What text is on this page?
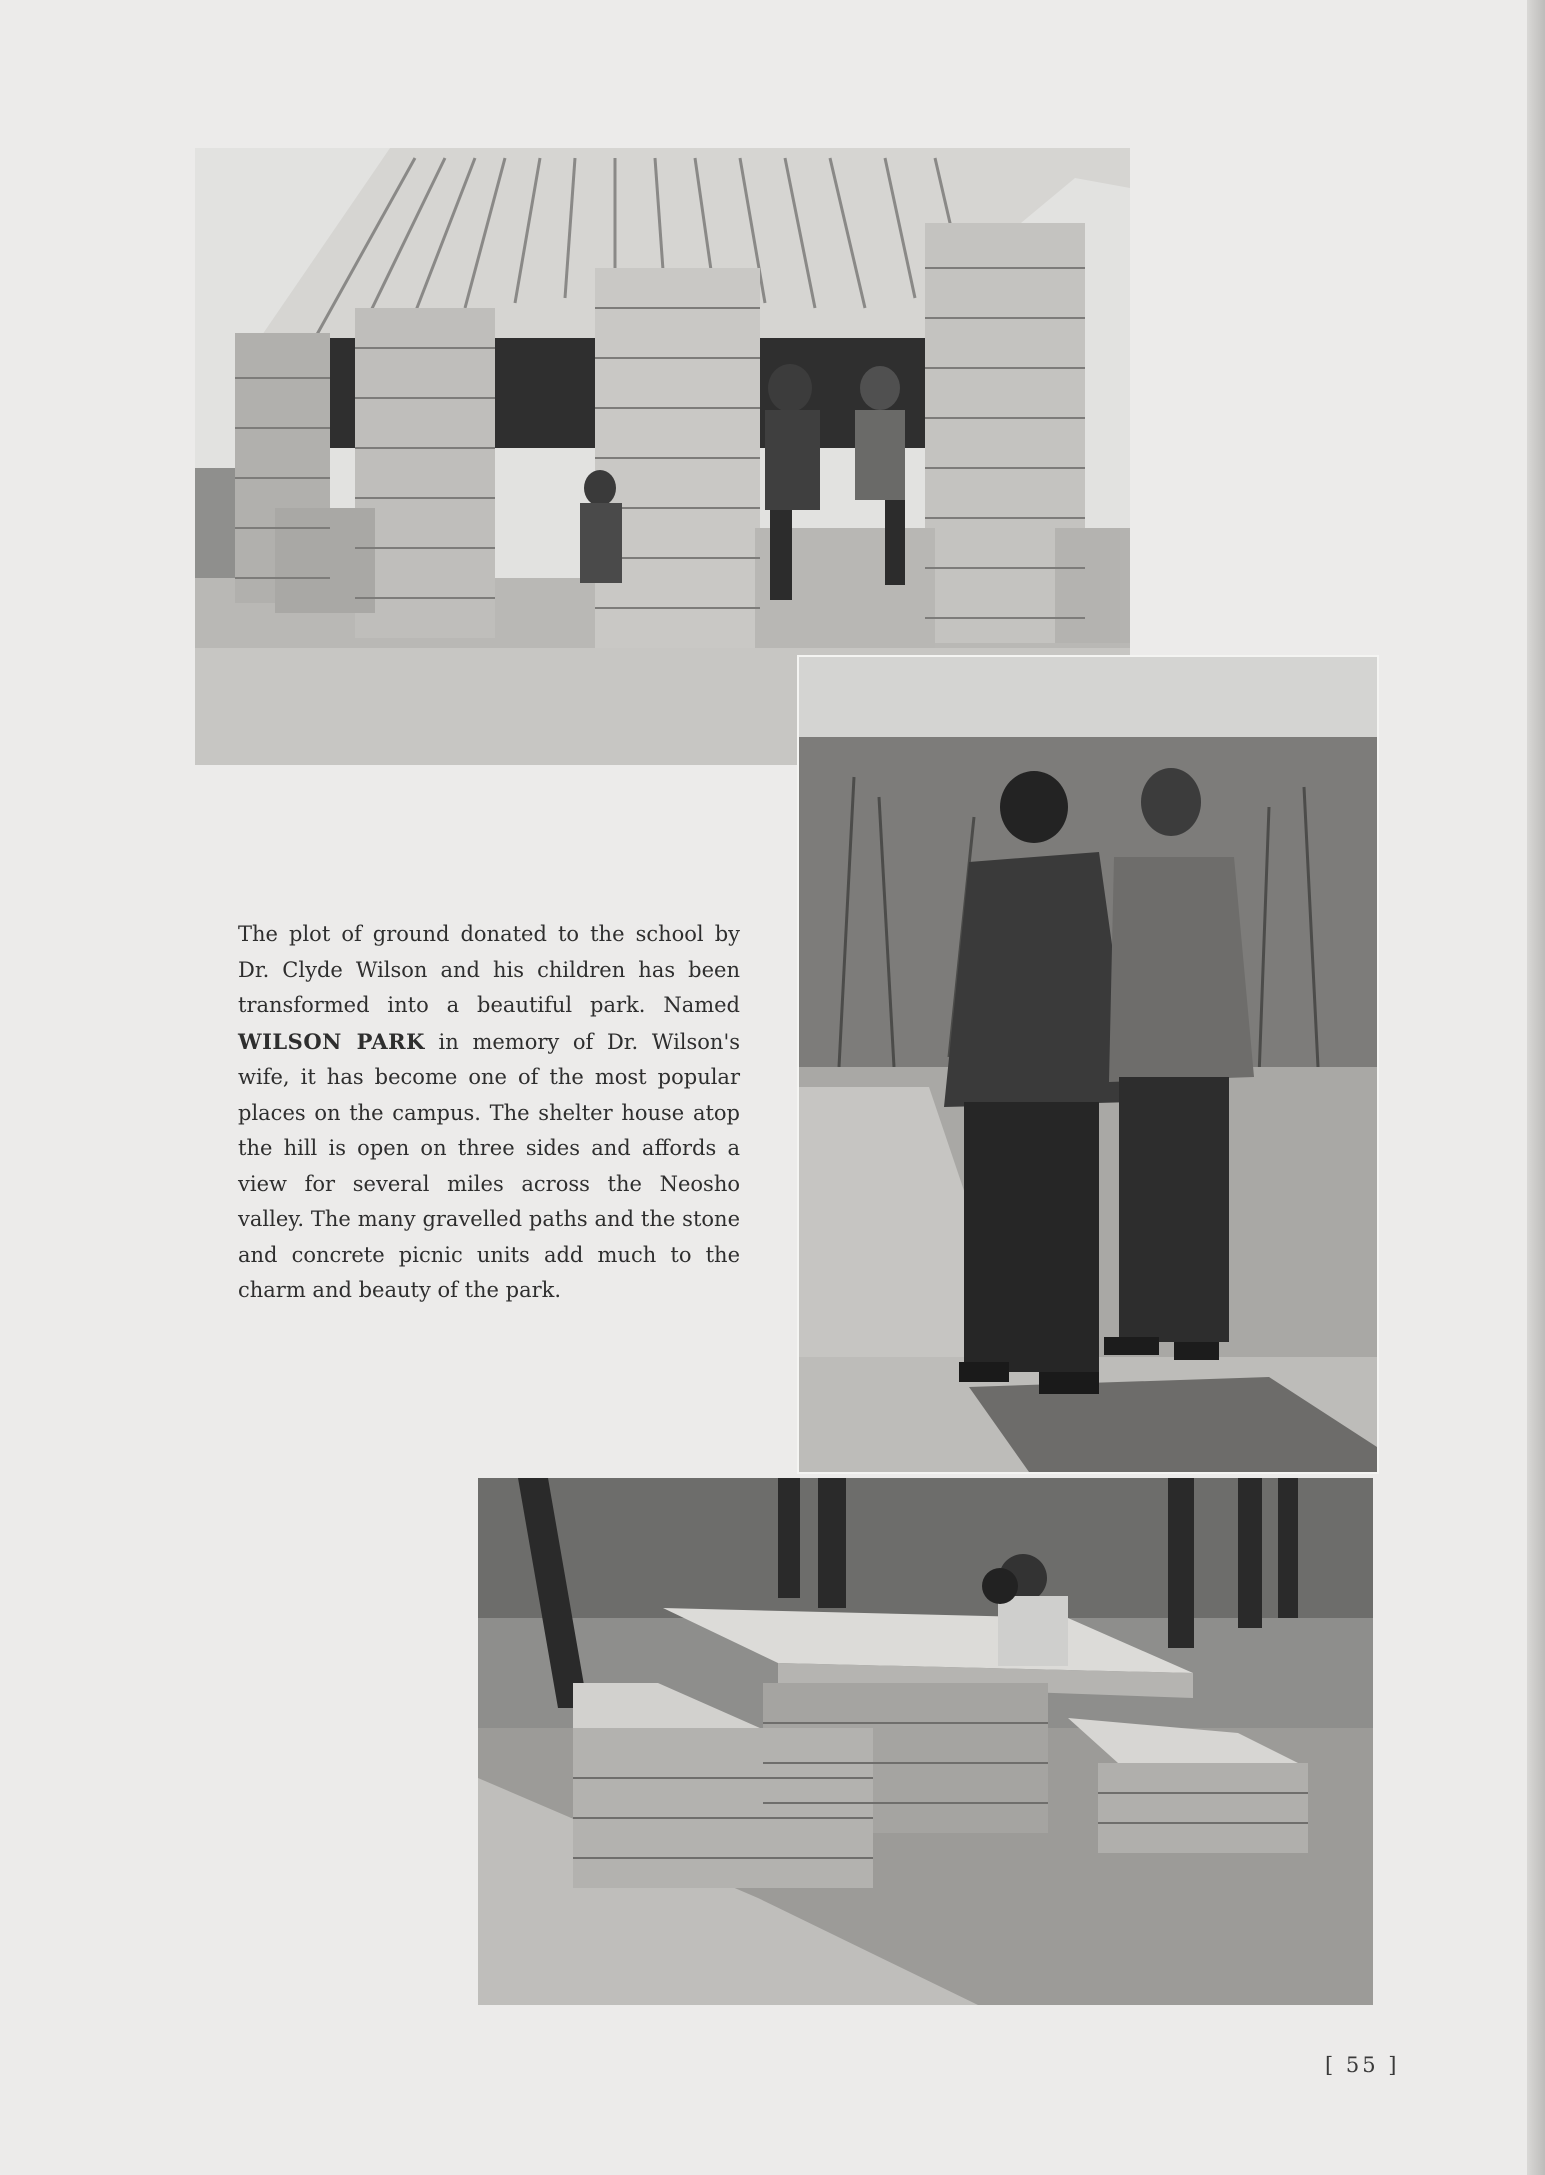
The plot of ground donated to the school by Dr. Clyde Wilson and his children has been transformed into a beautiful park. Named WILSON PARK in memory of Dr. Wilson's wife, it has become one of the most popular places on the campus. The shelter house atop the hill is open on three sides and affords a view for several miles across the Neosho valley. The many gravelled paths and the stone and concrete picnic units add much to the charm and beauty of the park.
[ 55 ]
